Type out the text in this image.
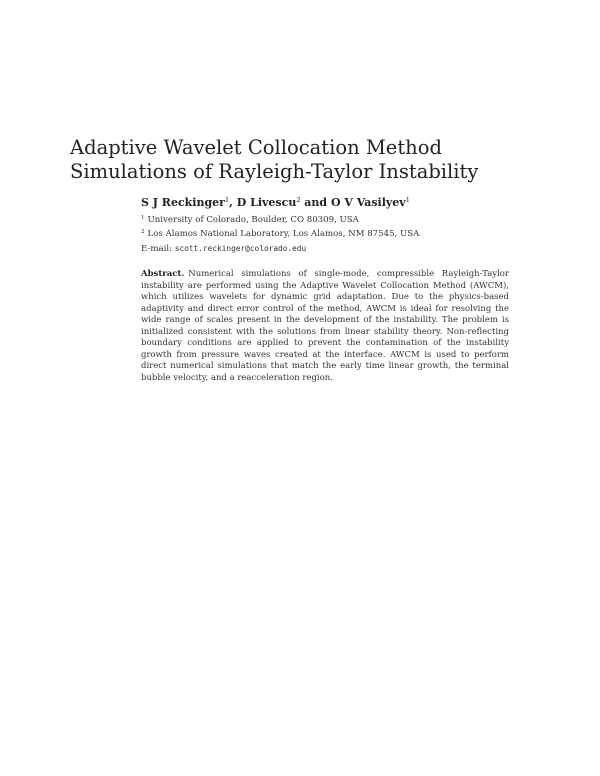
Adaptive Wavelet Collocation Method Simulations of Rayleigh-Taylor Instability
S J Reckinger$^1$, D Livescu$^2$ and O V Vasilyev$^1$
$^1$ University of Colorado, Boulder, CO 80309, USA
$^2$ Los Alamos National Laboratory, Los Alamos, NM 87545, USA
E-mail: scott.reckinger@colorado.edu

Abstract. Numerical simulations of single-mode, compressible Rayleigh-Taylor instability are performed using the Adaptive Wavelet Collocation Method (AWCM), which utilizes wavelets for dynamic grid adaptation. Due to the physics-based adaptivity and direct error control of the method, AWCM is ideal for resolving the wide range of scales present in the development of the instability. The problem is initialized consistent with the solutions from linear stability theory. Non-reflecting boundary conditions are applied to prevent the contamination of the instability growth from pressure waves created at the interface. AWCM is used to perform direct numerical simulations that match the early time linear growth, the terminal bubble velocity, and a reacceleration region.
